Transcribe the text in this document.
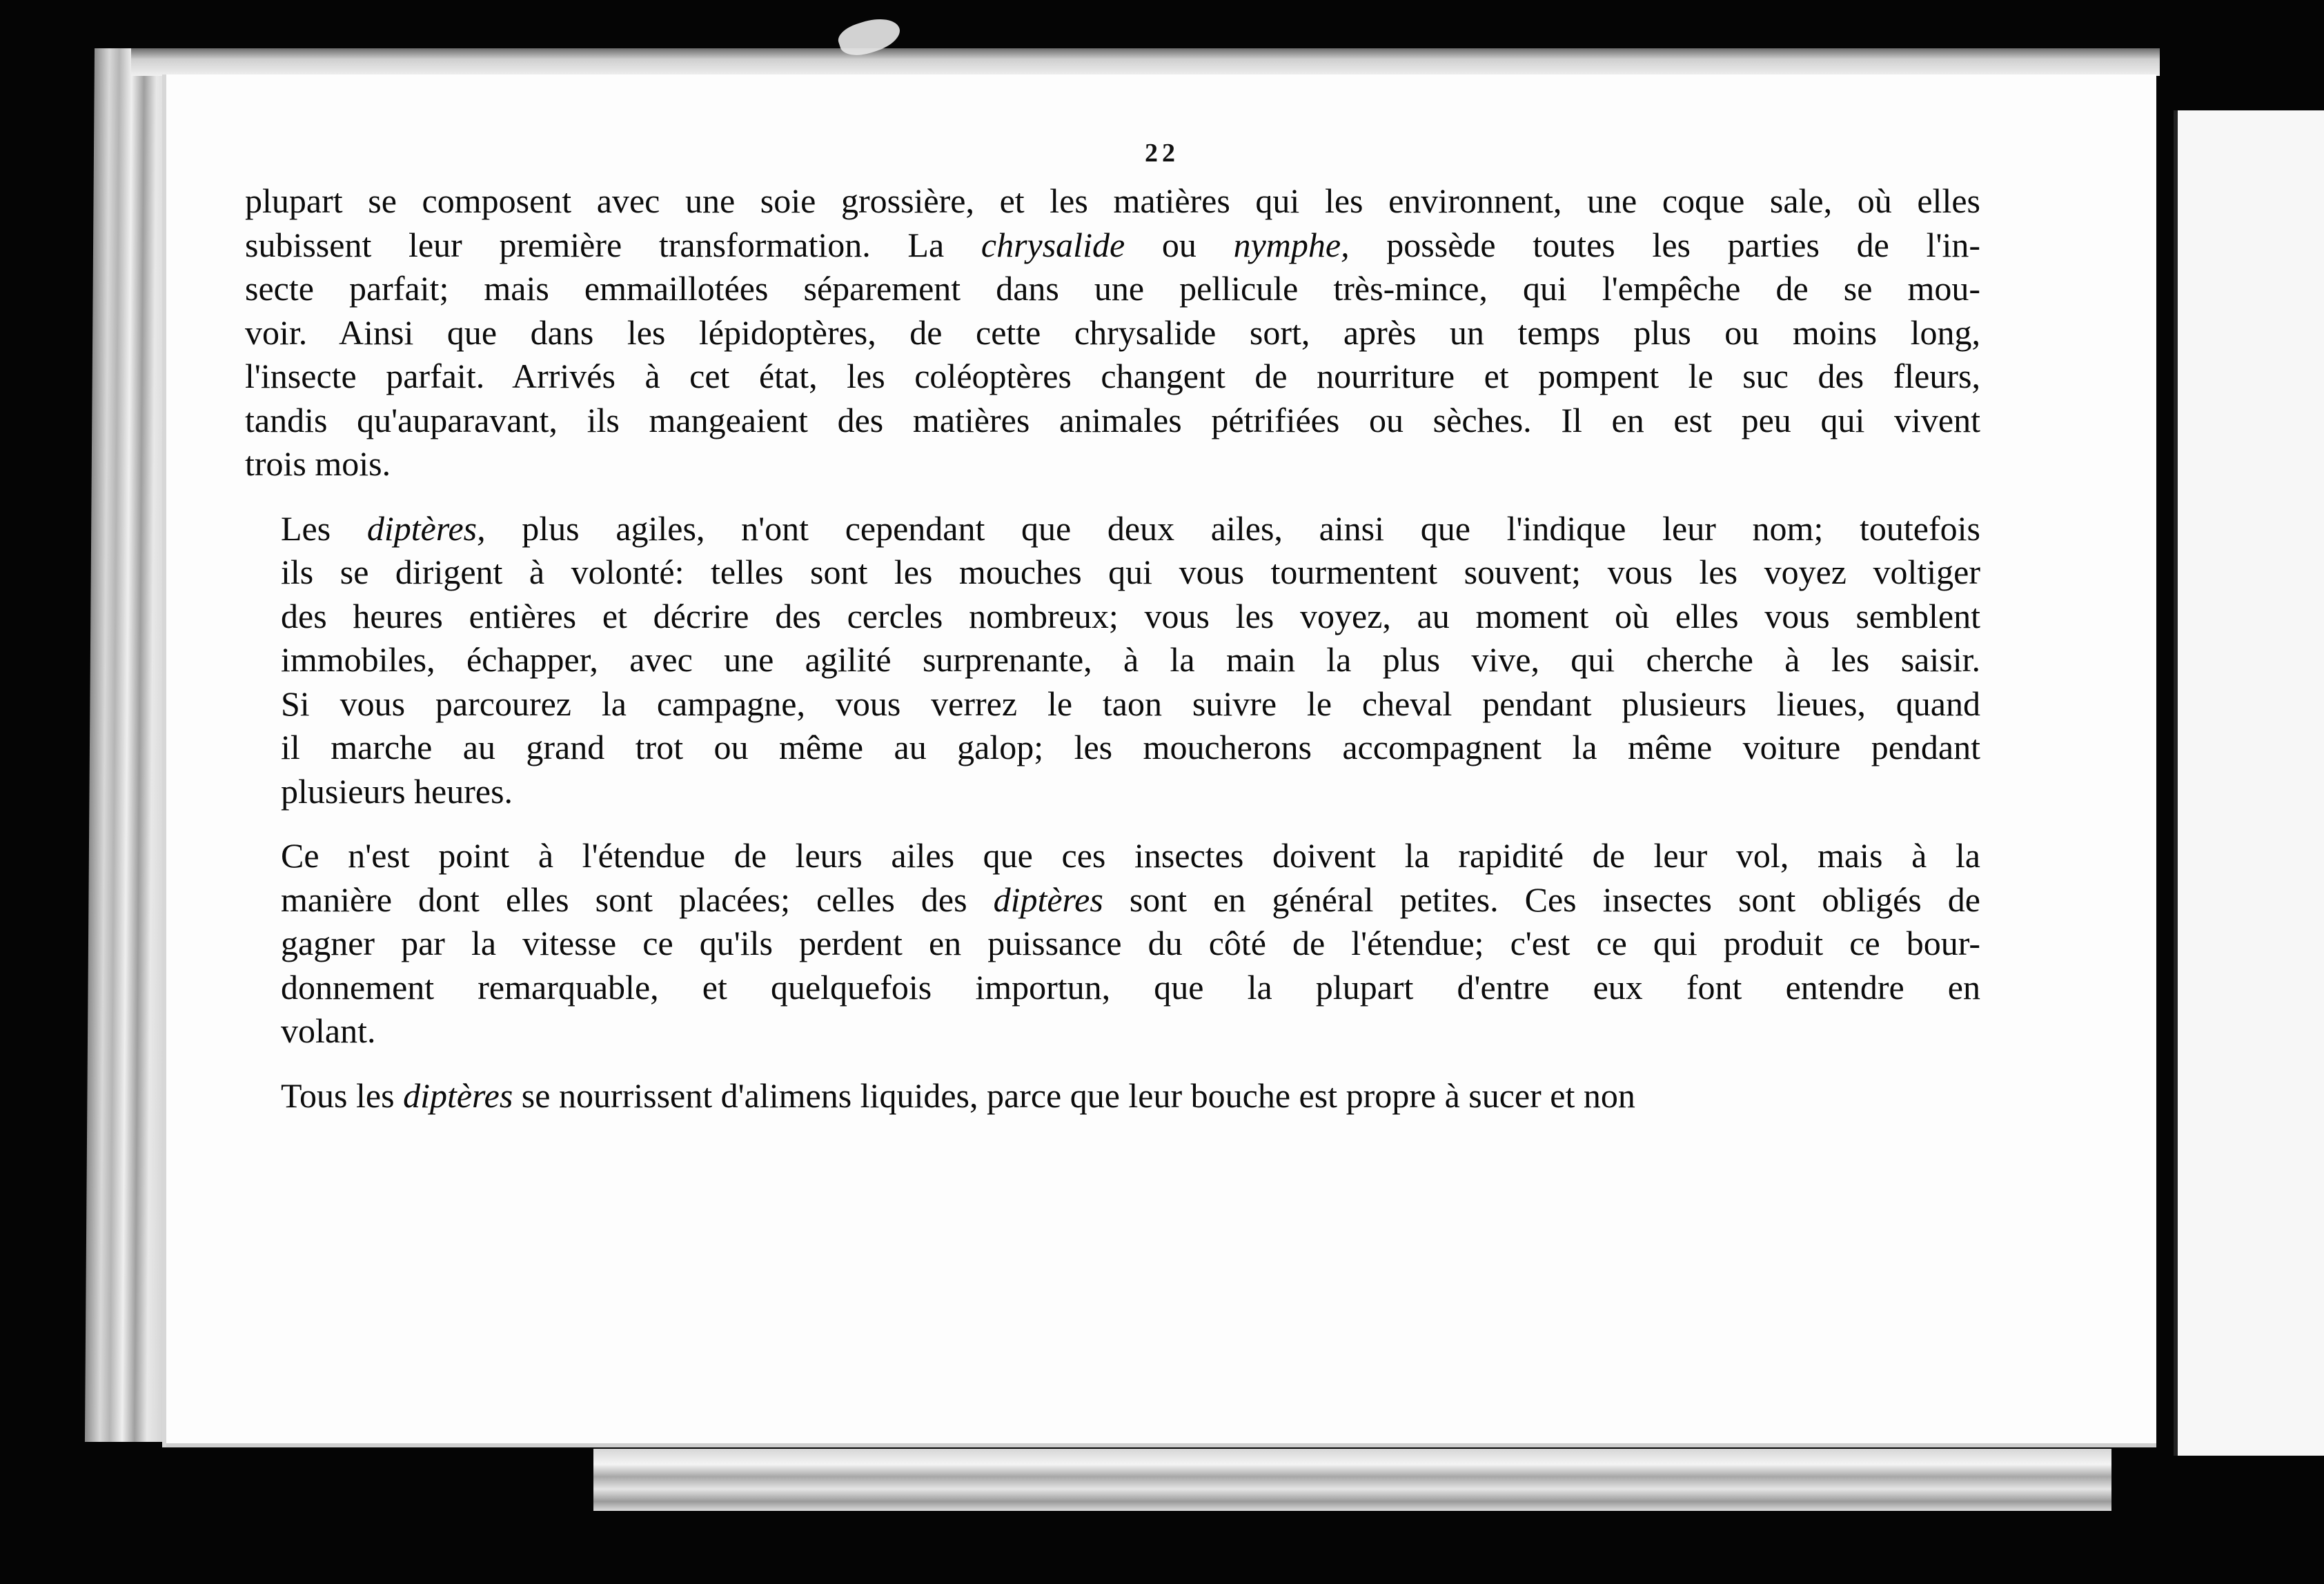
22
plupart se composent avec une soie grossière, et les matières qui les environnent, une coque sale, où elles
subissent leur première transformation. La chrysalide ou nymphe, possède toutes les parties de l'in-
secte parfait; mais emmaillotées séparement dans une pellicule très-mince, qui l'empêche de se mou-
voir. Ainsi que dans les lépidoptères, de cette chrysalide sort, après un temps plus ou moins long,
l'insecte parfait. Arrivés à cet état, les coléoptères changent de nourriture et pompent le suc des fleurs,
tandis qu'auparavant, ils mangeaient des matières animales pétrifiées ou sèches. Il en est peu qui vivent
trois mois.
Les diptères, plus agiles, n'ont cependant que deux ailes, ainsi que l'indique leur nom; toutefois
ils se dirigent à volonté: telles sont les mouches qui vous tourmentent souvent; vous les voyez voltiger
des heures entières et décrire des cercles nombreux; vous les voyez, au moment où elles vous semblent
immobiles, échapper, avec une agilité surprenante, à la main la plus vive, qui cherche à les saisir.
Si vous parcourez la campagne, vous verrez le taon suivre le cheval pendant plusieurs lieues, quand
il marche au grand trot ou même au galop; les moucherons accompagnent la même voiture pendant
plusieurs heures.
Ce n'est point à l'étendue de leurs ailes que ces insectes doivent la rapidité de leur vol, mais à la
manière dont elles sont placées; celles des diptères sont en général petites. Ces insectes sont obligés de
gagner par la vitesse ce qu'ils perdent en puissance du côté de l'étendue; c'est ce qui produit ce bour-
donnement remarquable, et quelquefois importun, que la plupart d'entre eux font entendre en
volant.
Tous les diptères se nourrissent d'alimens liquides, parce que leur bouche est propre à sucer et non
